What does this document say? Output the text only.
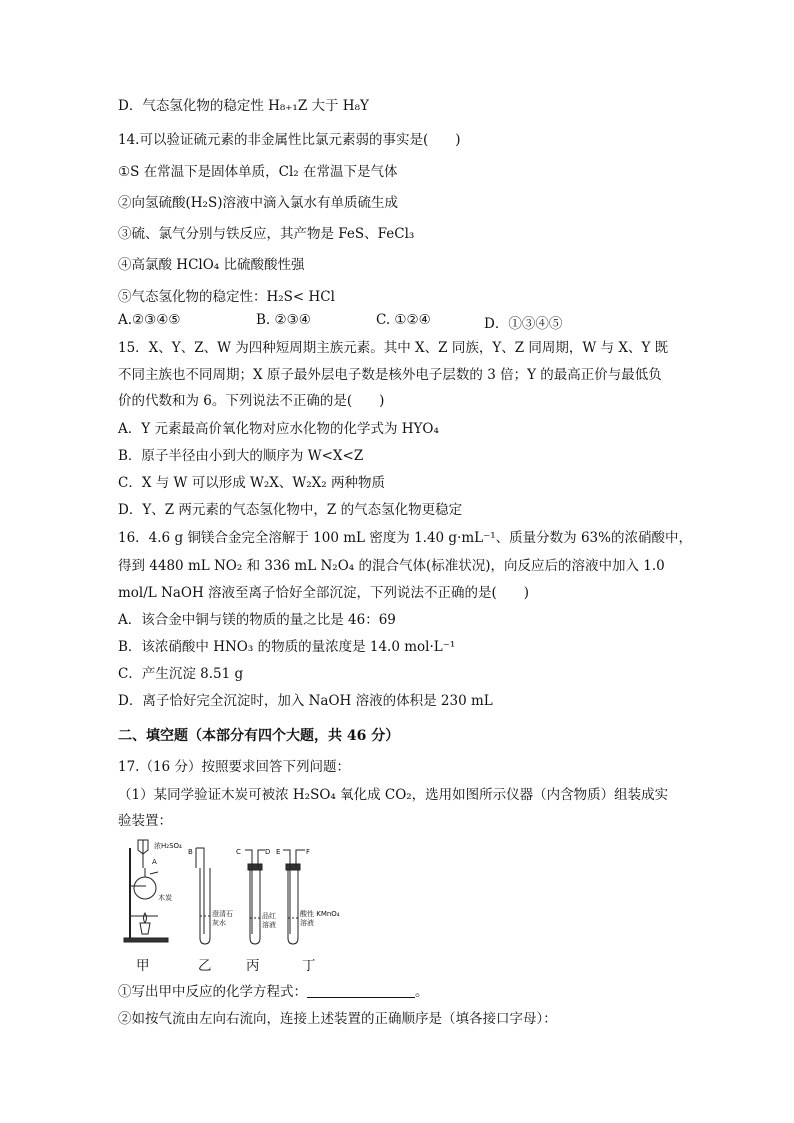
D．气态氢化物的稳定性 H₈₊₁Z 大于 H₈Y
14.可以验证硫元素的非金属性比氯元素弱的事实是(　　)
①S 在常温下是固体单质，Cl₂ 在常温下是气体
②向氢硫酸(H₂S)溶液中滴入氯水有单质硫生成
③硫、氯气分别与铁反应，其产物是 FeS、FeCl₃
④高氯酸 HClO₄ 比硫酸酸性强
⑤气态氢化物的稳定性：H₂S< HCl
A.②③④⑤	B. ②③④	C. ①②④	D．①③④⑤
15．X、Y、Z、W 为四种短周期主族元素。其中 X、Z 同族，Y、Z 同周期，W 与 X、Y 既
不同主族也不同周期；X 原子最外层电子数是核外电子层数的 3 倍；Y 的最高正价与最低负
价的代数和为 6。下列说法不正确的是(　　)
A．Y 元素最高价氧化物对应水化物的化学式为 HYO₄
B．原子半径由小到大的顺序为 W<X<Z
C．X 与 W 可以形成 W₂X、W₂X₂ 两种物质
D．Y、Z 两元素的气态氢化物中，Z 的气态氢化物更稳定
16．4.6 g 铜镁合金完全溶解于 100 mL 密度为 1.40 g·mL⁻¹、质量分数为 63%的浓硝酸中，
得到 4480 mL NO₂ 和 336 mL N₂O₄ 的混合气体(标准状况)，向反应后的溶液中加入 1.0
mol/L NaOH 溶液至离子恰好全部沉淀，下列说法不正确的是(　　)
A．该合金中铜与镁的物质的量之比是 46：69
B．该浓硝酸中 HNO₃ 的物质的量浓度是 14.0 mol·L⁻¹
C．产生沉淀 8.51 g
D．离子恰好完全沉淀时，加入 NaOH 溶液的体积是 230 mL
二、填空题（本部分有四个大题，共 46 分）
17.（16 分）按照要求回答下列问题：
（1）某同学验证木炭可被浓 H₂SO₄ 氧化成 CO₂，选用如图所示仪器（内含物质）组装成实
验装置：
浓H₂SO₄
A
木炭
B	C	D E	F
澄清石
灰水
品红
溶液
酸性 KMnO₄
溶液
甲	乙	丙	丁
①写出甲中反应的化学方程式：	。
②如按气流由左向右流向，连接上述装置的正确顺序是（填各接口字母）：
